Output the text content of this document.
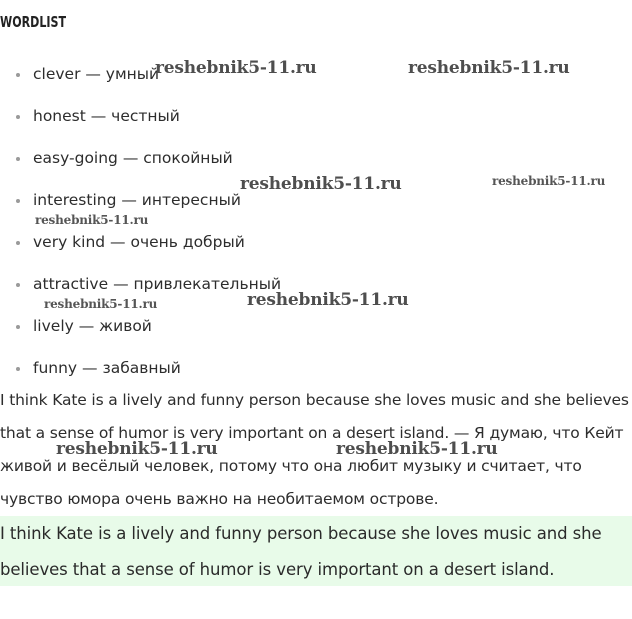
WORDLIST
clever — умный
honest — честный
easy-going — спокойный
interesting — интересный
very kind — очень добрый
attractive — привлекательный
lively — живой
funny — забавный

I think Kate is a lively and funny person because she loves music and she believes that a sense of humor is very important on a desert island. — Я думаю, что Кейт живой и весёлый человек, потому что она любит музыку и считает, что чувство юмора очень важно на необитаемом острове.

I think Kate is a lively and funny person because she loves music and she believes that a sense of humor is very important on a desert island.

reshebnik5-11.ru	reshebnik5-11.ru
reshebnik5-11.ru	reshebnik5-11.ru
reshebnik5-11.ru
reshebnik5-11.ru
reshebnik5-11.ru
reshebnik5-11.ru	reshebnik5-11.ru
